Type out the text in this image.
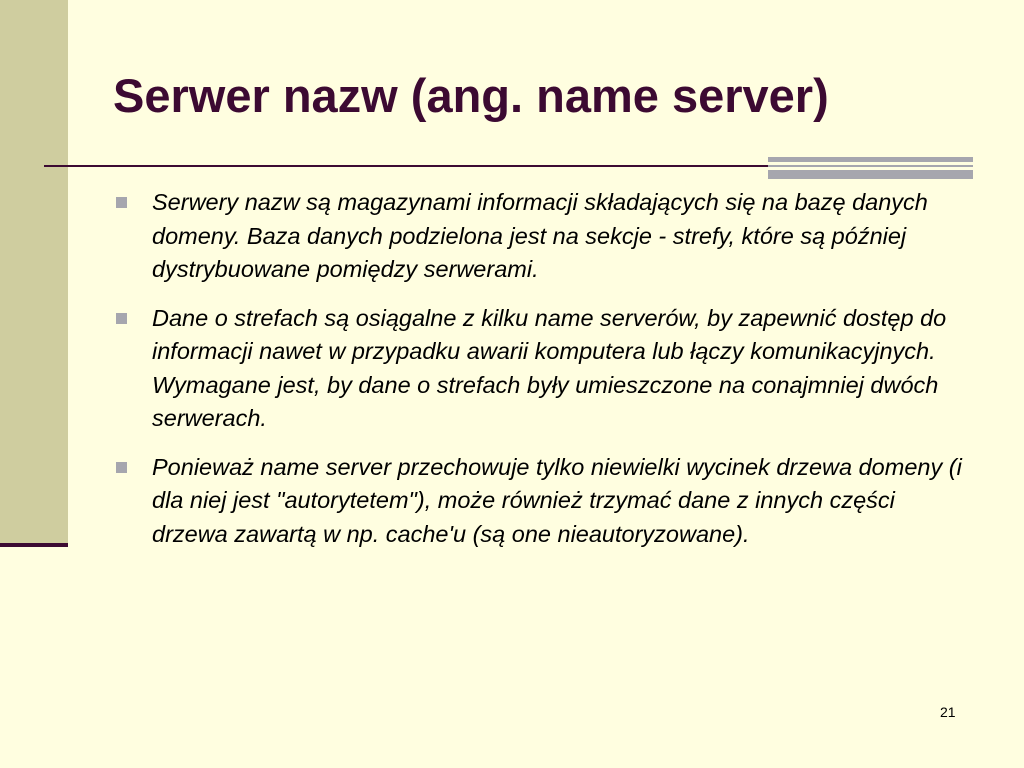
Serwer nazw (ang. name server)
Serwery nazw są magazynami informacji składających się na bazę danych domeny. Baza danych podzielona jest na sekcje - strefy, które są później dystrybuowane pomiędzy serwerami.
Dane o strefach są osiągalne z kilku name serverów, by zapewnić dostęp do informacji nawet w przypadku awarii komputera lub łączy komunikacyjnych. Wymagane jest, by dane o strefach były umieszczone na conajmniej dwóch serwerach.
Ponieważ name server przechowuje tylko niewielki wycinek drzewa domeny (i dla niej jest "autorytetem"), może również trzymać dane z innych części drzewa zawartą w np. cache'u (są one nieautoryzowane).
21
